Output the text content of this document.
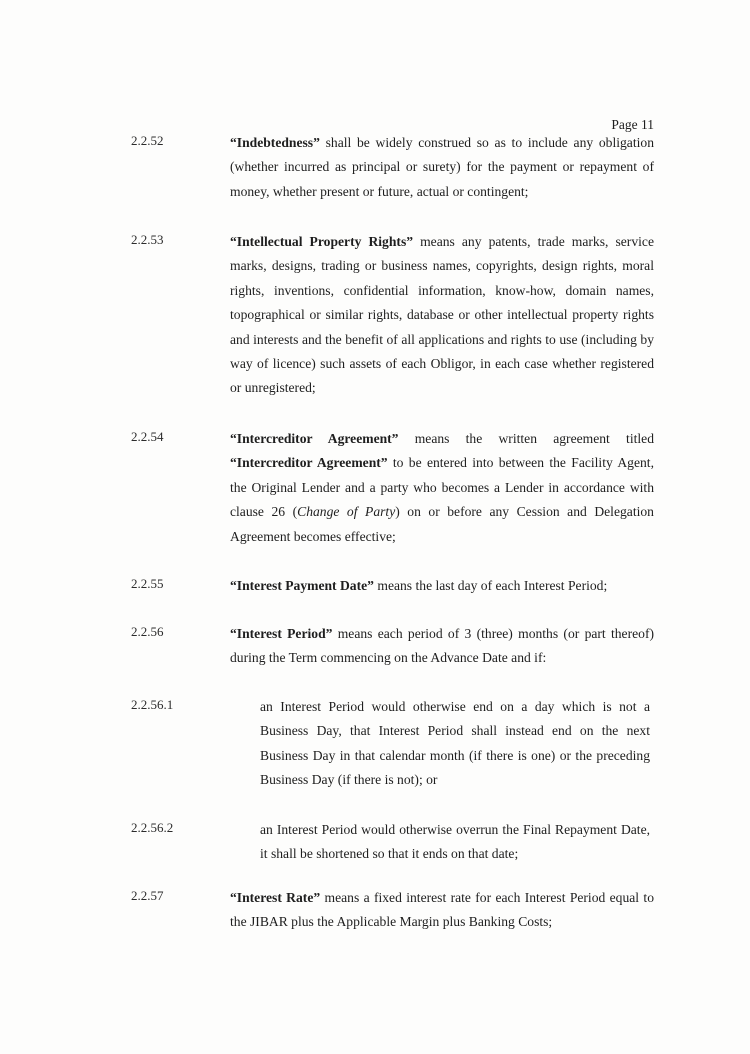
Page 11
2.2.52	“Indebtedness” shall be widely construed so as to include any obligation (whether incurred as principal or surety) for the payment or repayment of money, whether present or future, actual or contingent;

2.2.53	“Intellectual Property Rights” means any patents, trade marks, service marks, designs, trading or business names, copyrights, design rights, moral rights, inventions, confidential information, know-how, domain names, topographical or similar rights, database or other intellectual property rights and interests and the benefit of all applications and rights to use (including by way of licence) such assets of each Obligor, in each case whether registered or unregistered;

2.2.54	“Intercreditor Agreement” means the written agreement titled “Intercreditor Agreement” to be entered into between the Facility Agent, the Original Lender and a party who becomes a Lender in accordance with clause 26 (Change of Party) on or before any Cession and Delegation Agreement becomes effective;

2.2.55	“Interest Payment Date” means the last day of each Interest Period;

2.2.56	“Interest Period” means each period of 3 (three) months (or part thereof) during the Term commencing on the Advance Date and if:

2.2.56.1	an Interest Period would otherwise end on a day which is not a Business Day, that Interest Period shall instead end on the next Business Day in that calendar month (if there is one) or the preceding Business Day (if there is not); or

2.2.56.2	an Interest Period would otherwise overrun the Final Repayment Date, it shall be shortened so that it ends on that date;

2.2.57	“Interest Rate” means a fixed interest rate for each Interest Period equal to the JIBAR plus the Applicable Margin plus Banking Costs;
